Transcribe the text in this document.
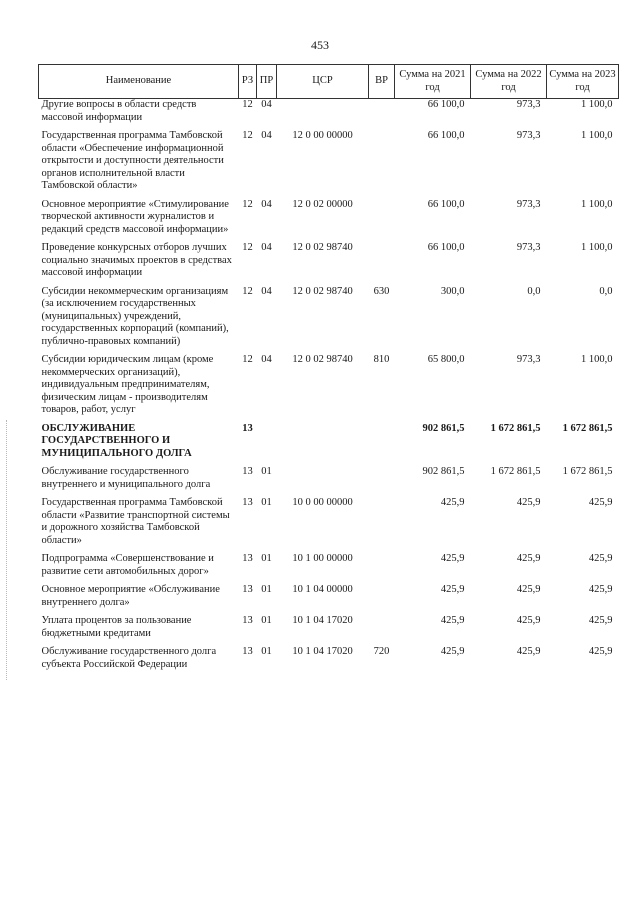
453
Наименование	РЗ	ПР	ЦСР	ВР	Сумма на 2021 год	Сумма на 2022 год	Сумма на 2023 год
Другие вопросы в области средств массовой информации	12	04			66 100,0	973,3	1 100,0
Государственная программа Тамбовской области «Обеспечение информационной открытости и доступности деятельности органов исполнительной власти Тамбовской области»	12	04	12 0 00 00000		66 100,0	973,3	1 100,0
Основное мероприятие «Стимулирование творческой активности журналистов и редакций средств массовой информации»	12	04	12 0 02 00000		66 100,0	973,3	1 100,0
Проведение конкурсных отборов лучших социально значимых проектов в средствах массовой информации	12	04	12 0 02 98740		66 100,0	973,3	1 100,0
Субсидии некоммерческим организациям (за исключением государственных (муниципальных) учреждений, государственных корпораций (компаний), публично-правовых компаний)	12	04	12 0 02 98740	630	300,0	0,0	0,0
Субсидии юридическим лицам (кроме некоммерческих организаций), индивидуальным предпринимателям, физическим лицам - производителям товаров, работ, услуг	12	04	12 0 02 98740	810	65 800,0	973,3	1 100,0
ОБСЛУЖИВАНИЕ ГОСУДАРСТВЕННОГО И МУНИЦИПАЛЬНОГО ДОЛГА	13				902 861,5	1 672 861,5	1 672 861,5
Обслуживание государственного внутреннего и муниципального долга	13	01			902 861,5	1 672 861,5	1 672 861,5
Государственная программа Тамбовской области «Развитие транспортной системы и дорожного хозяйства Тамбовской области»	13	01	10 0 00 00000		425,9	425,9	425,9
Подпрограмма «Совершенствование и развитие сети автомобильных дорог»	13	01	10 1 00 00000		425,9	425,9	425,9
Основное мероприятие «Обслуживание внутреннего долга»	13	01	10 1 04 00000		425,9	425,9	425,9
Уплата процентов за пользование бюджетными кредитами	13	01	10 1 04 17020		425,9	425,9	425,9
Обслуживание государственного долга субъекта Российской Федерации	13	01	10 1 04 17020	720	425,9	425,9	425,9
